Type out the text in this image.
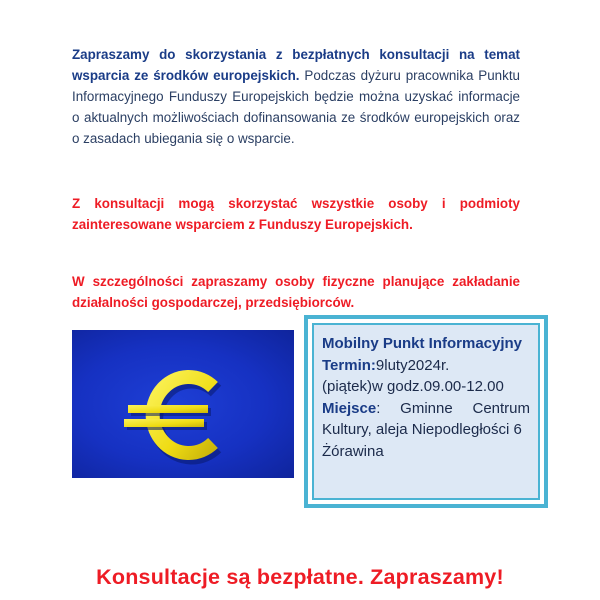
Zapraszamy do skorzystania z bezpłatnych konsultacji na temat wsparcia ze środków europejskich. Podczas dyżuru pracownika Punktu Informacyjnego Funduszy Europejskich będzie można uzyskać informacje o aktualnych możliwościach dofinansowania ze środków europejskich oraz o zasadach ubiegania się o wsparcie.

Z konsultacji mogą skorzystać wszystkie osoby i podmioty zainteresowane wsparciem z Funduszy Europejskich.

W szczególności zapraszamy osoby fizyczne planujące zakładanie działalności gospodarczej, przedsiębiorców.

Mobilny Punkt Informacyjny
Termin:9luty2024r.
(piątek)w godz.09.00-12.00
Miejsce: Gminne Centrum
Kultury, aleja Niepodległości 6
Żórawina
Konsultacje są bezpłatne. Zapraszamy!
